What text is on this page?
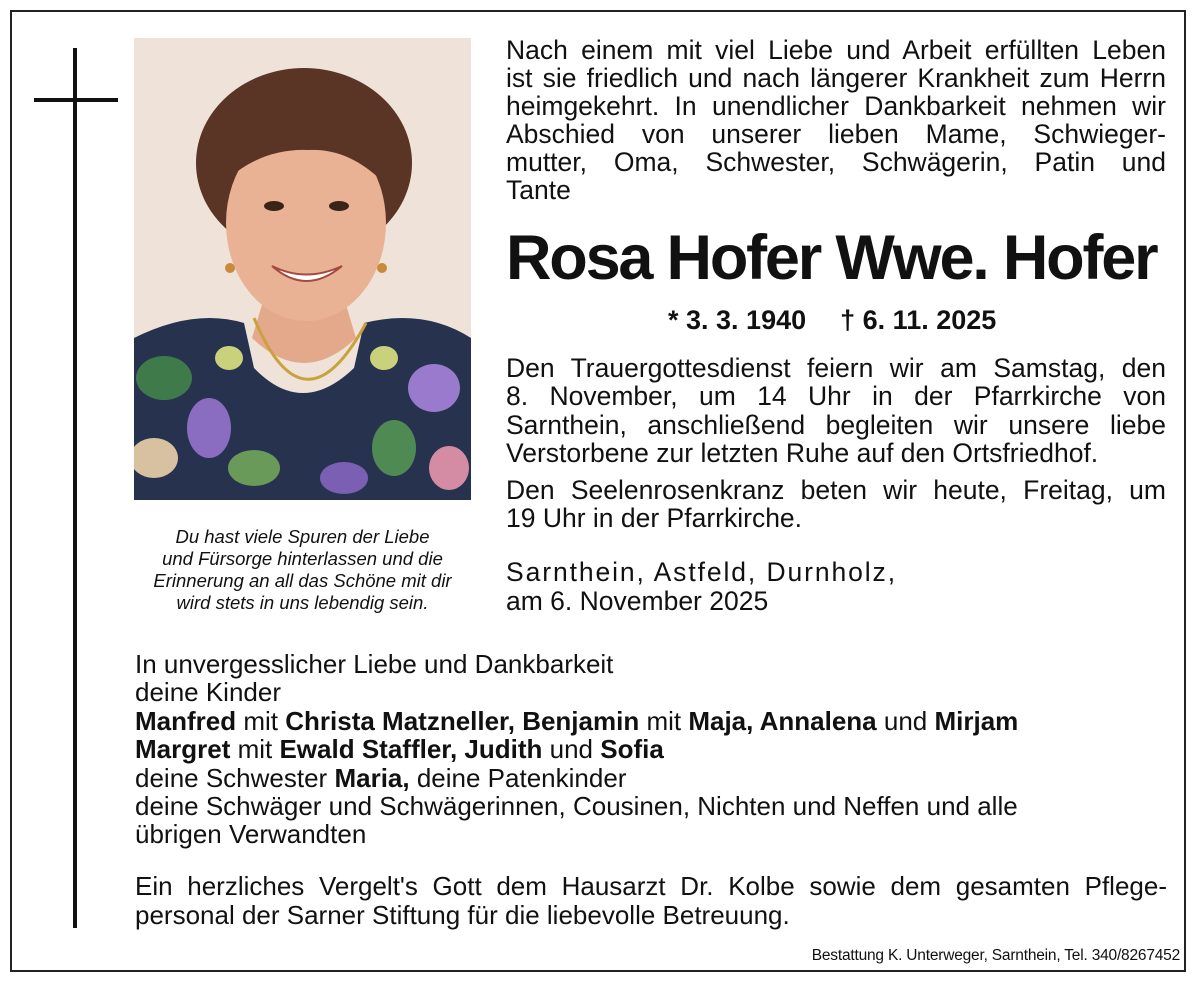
Du hast viele Spuren der Liebe
und Fürsorge hinterlassen und die
Erinnerung an all das Schöne mit dir
wird stets in uns lebendig sein.
Nach einem mit viel Liebe und Arbeit erfüllten Leben
ist sie friedlich und nach längerer Krankheit zum Herrn
heimgekehrt. In unendlicher Dankbarkeit nehmen wir
Abschied von unserer lieben Mame, Schwieger-
mutter, Oma, Schwester, Schwägerin, Patin und
Tante
Rosa Hofer Wwe. Hofer
* 3. 3. 1940 † 6. 11. 2025
Den Trauergottesdienst feiern wir am Samstag, den
8. November, um 14 Uhr in der Pfarrkirche von
Sarnthein, anschließend begleiten wir unsere liebe
Verstorbene zur letzten Ruhe auf den Ortsfriedhof.
Den Seelenrosenkranz beten wir heute, Freitag, um
19 Uhr in der Pfarrkirche.
Sarnthein, Astfeld, Durnholz,
am 6. November 2025
In unvergesslicher Liebe und Dankbarkeit
deine Kinder
Manfred mit Christa Matzneller, Benjamin mit Maja, Annalena und Mirjam
Margret mit Ewald Staffler, Judith und Sofia
deine Schwester Maria, deine Patenkinder
deine Schwäger und Schwägerinnen, Cousinen, Nichten und Neffen und alle
übrigen Verwandten
Ein herzliches Vergelt's Gott dem Hausarzt Dr. Kolbe sowie dem gesamten Pflege-
personal der Sarner Stiftung für die liebevolle Betreuung.
Bestattung K. Unterweger, Sarnthein, Tel. 340/8267452
